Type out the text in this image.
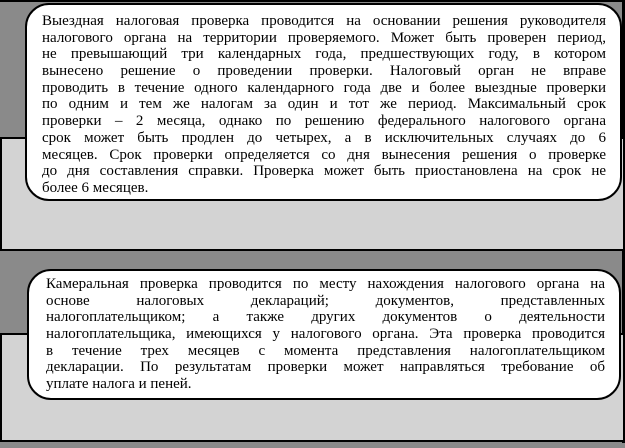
Выездная налоговая проверка проводится на основании решения руководителя
налогового органа на территории проверяемого. Может быть проверен период,
не превышающий три календарных года, предшествующих году, в котором
вынесено решение о проведении проверки. Налоговый орган не вправе
проводить в течение одного календарного года две и более выездные проверки
по одним и тем же налогам за один и тот же период. Максимальный срок
проверки – 2 месяца, однако по решению федерального налогового органа
срок может быть продлен до четырех, а в исключительных случаях до 6
месяцев. Срок проверки определяется со дня вынесения решения о проверке
до дня составления справки. Проверка может быть приостановлена на срок не
более 6 месяцев.
Камеральная проверка проводится по месту нахождения налогового органа на
основе налоговых деклараций; документов, представленных
налогоплательщиком; а также других документов о деятельности
налогоплательщика, имеющихся у налогового органа. Эта проверка проводится
в течение трех месяцев с момента представления налогоплательщиком
декларации. По результатам проверки может направляться требование об
уплате налога и пеней.
